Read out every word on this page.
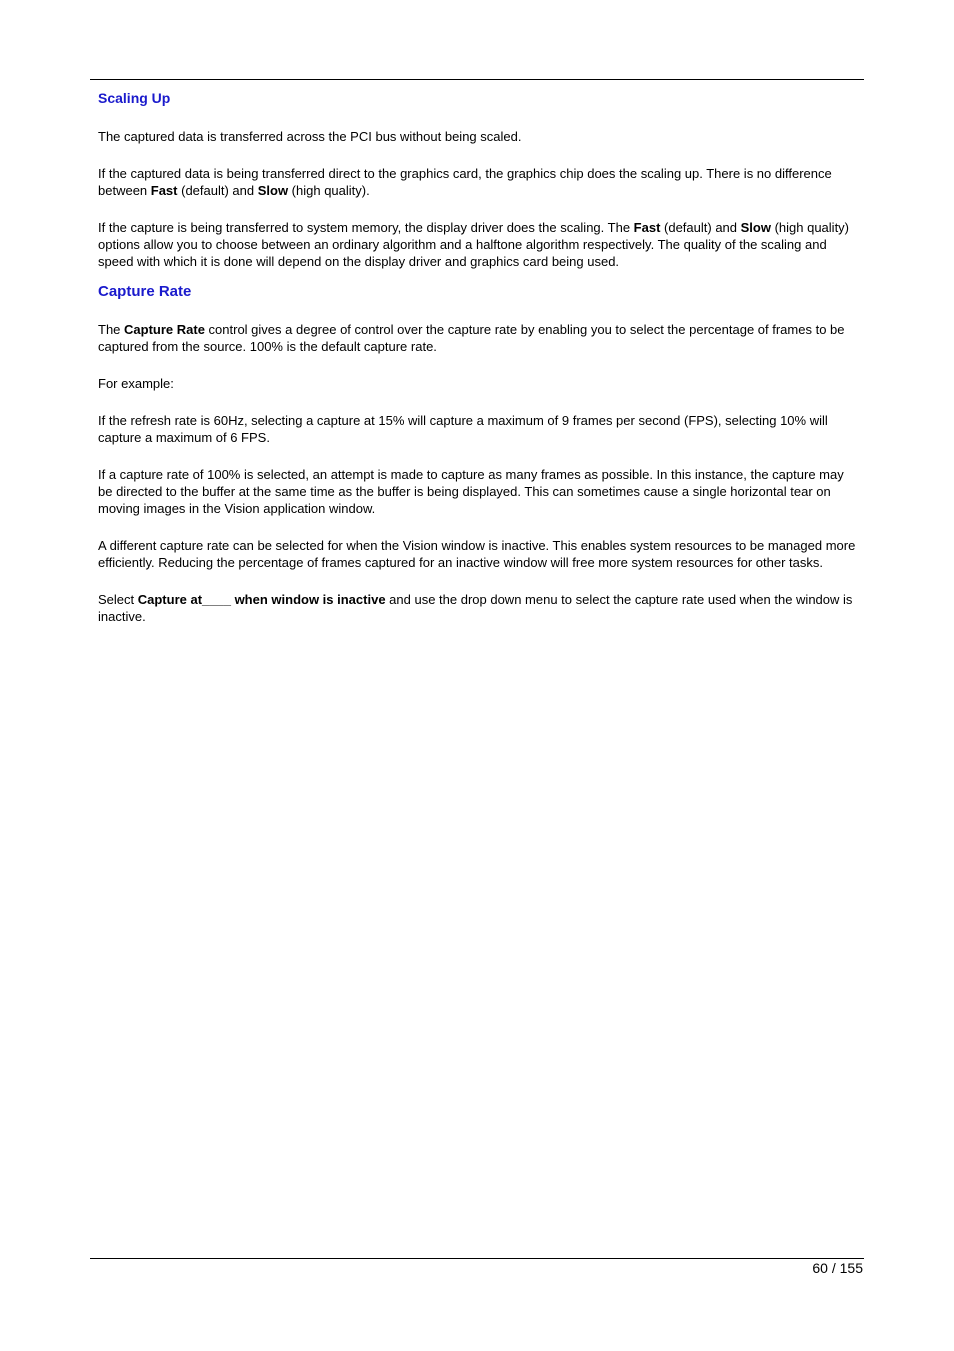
Scaling Up

The captured data is transferred across the PCI bus without being scaled.

If the captured data is being transferred direct to the graphics card, the graphics chip does the scaling up. There is no difference between Fast (default) and Slow (high quality).

If the capture is being transferred to system memory, the display driver does the scaling. The Fast (default) and Slow (high quality) options allow you to choose between an ordinary algorithm and a halftone algorithm respectively. The quality of the scaling and speed with which it is done will depend on the display driver and graphics card being used.

Capture Rate

The Capture Rate control gives a degree of control over the capture rate by enabling you to select the percentage of frames to be captured from the source. 100% is the default capture rate.

For example:

If the refresh rate is 60Hz, selecting a capture at 15% will capture a maximum of 9 frames per second (FPS), selecting 10% will capture a maximum of 6 FPS.

If a capture rate of 100% is selected, an attempt is made to capture as many frames as possible. In this instance, the capture may be directed to the buffer at the same time as the buffer is being displayed. This can sometimes cause a single horizontal tear on moving images in the Vision application window.

A different capture rate can be selected for when the Vision window is inactive. This enables system resources to be managed more efficiently. Reducing the percentage of frames captured for an inactive window will free more system resources for other tasks.

Select Capture at____ when window is inactive and use the drop down menu to select the capture rate used when the window is inactive.

60 / 155
